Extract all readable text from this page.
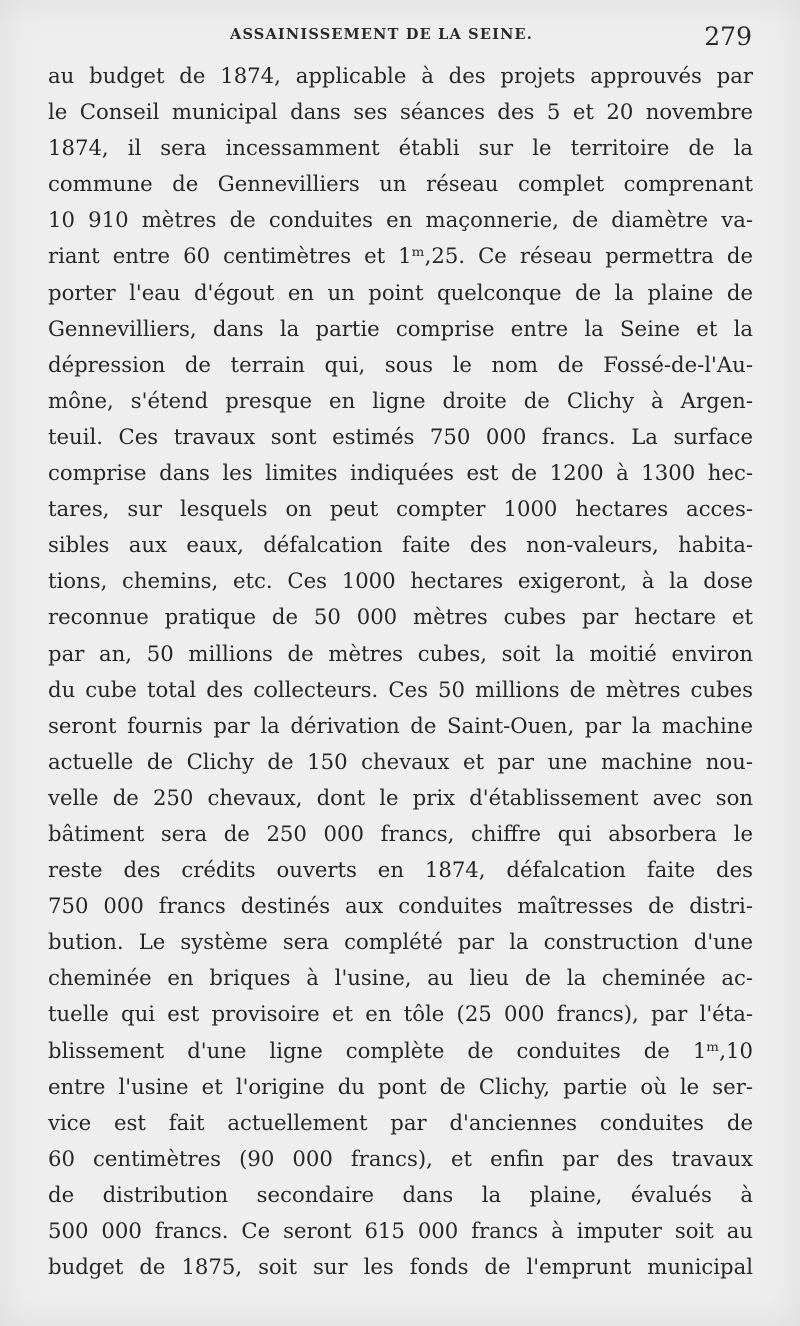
ASSAINISSEMENT DE LA SEINE.	279
au budget de 1874, applicable à des projets approuvés par
le Conseil municipal dans ses séances des 5 et 20 novembre
1874, il sera incessamment établi sur le territoire de la
commune de Gennevilliers un réseau complet comprenant
10 910 mètres de conduites en maçonnerie, de diamètre va-
riant entre 60 centimètres et 1ᵐ,25. Ce réseau permettra de
porter l'eau d'égout en un point quelconque de la plaine de
Gennevilliers, dans la partie comprise entre la Seine et la
dépression de terrain qui, sous le nom de Fossé-de-l'Au-
mône, s'étend presque en ligne droite de Clichy à Argen-
teuil. Ces travaux sont estimés 750 000 francs. La surface
comprise dans les limites indiquées est de 1200 à 1300 hec-
tares, sur lesquels on peut compter 1000 hectares acces-
sibles aux eaux, défalcation faite des non-valeurs, habita-
tions, chemins, etc. Ces 1000 hectares exigeront, à la dose
reconnue pratique de 50 000 mètres cubes par hectare et
par an, 50 millions de mètres cubes, soit la moitié environ
du cube total des collecteurs. Ces 50 millions de mètres cubes
seront fournis par la dérivation de Saint-Ouen, par la machine
actuelle de Clichy de 150 chevaux et par une machine nou-
velle de 250 chevaux, dont le prix d'établissement avec son
bâtiment sera de 250 000 francs, chiffre qui absorbera le
reste des crédits ouverts en 1874, défalcation faite des
750 000 francs destinés aux conduites maîtresses de distri-
bution. Le système sera complété par la construction d'une
cheminée en briques à l'usine, au lieu de la cheminée ac-
tuelle qui est provisoire et en tôle (25 000 francs), par l'éta-
blissement d'une ligne complète de conduites de 1ᵐ,10
entre l'usine et l'origine du pont de Clichy, partie où le ser-
vice est fait actuellement par d'anciennes conduites de
60 centimètres (90 000 francs), et enfin par des travaux
de distribution secondaire dans la plaine, évalués à
500 000 francs. Ce seront 615 000 francs à imputer soit au
budget de 1875, soit sur les fonds de l'emprunt municipal
